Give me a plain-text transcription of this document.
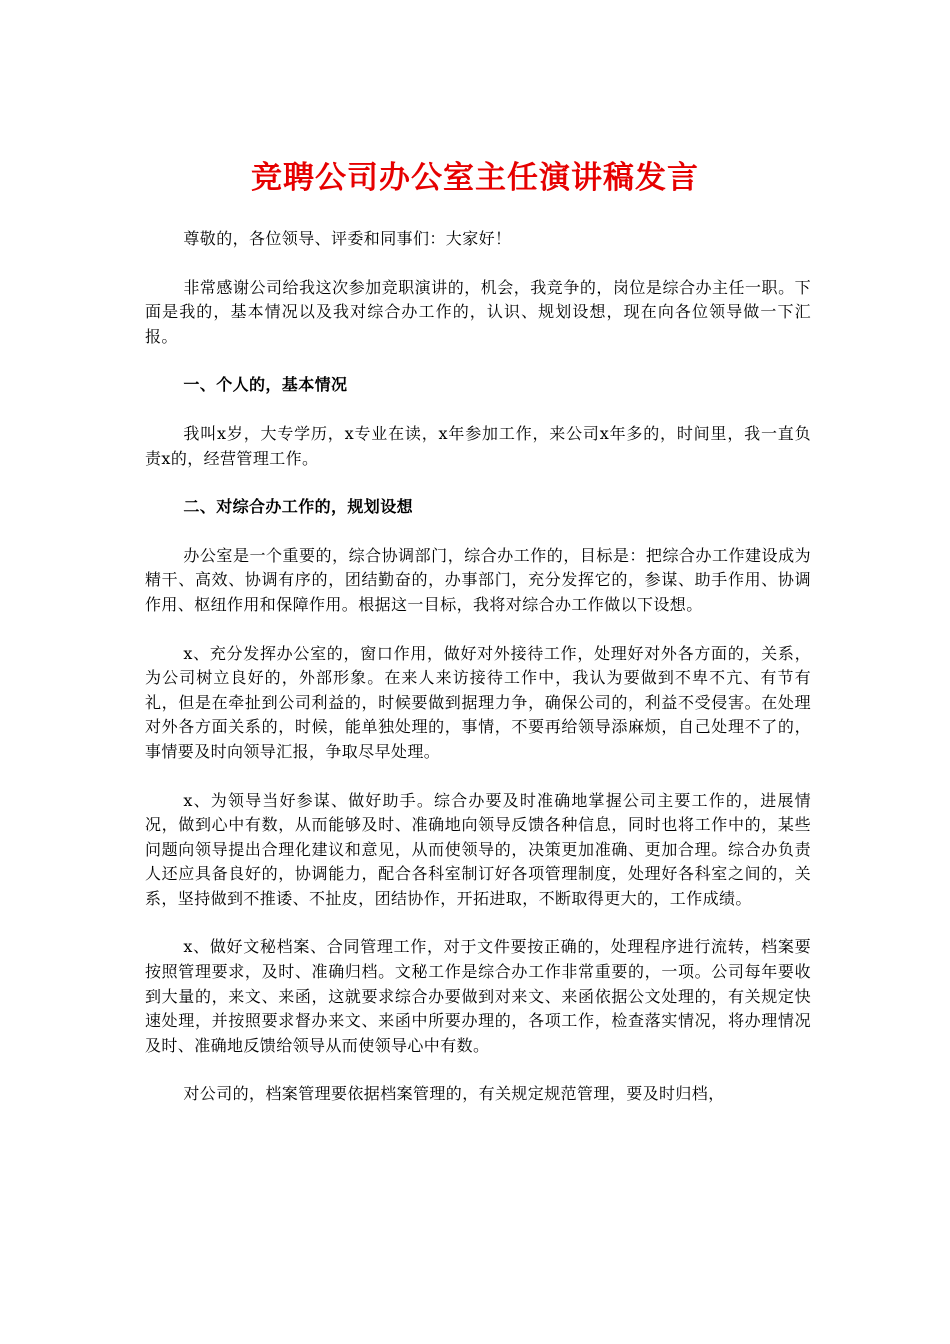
竞聘公司办公室主任演讲稿发言

尊敬的，各位领导、评委和同事们：大家好！

非常感谢公司给我这次参加竞职演讲的，机会，我竞争的，岗位是综合办主任一职。下面是我的，基本情况以及我对综合办工作的，认识、规划设想，现在向各位领导做一下汇报。

一、个人的，基本情况

我叫x岁，大专学历，x专业在读，x年参加工作，来公司x年多的，时间里，我一直负责x的，经营管理工作。

二、对综合办工作的，规划设想

办公室是一个重要的，综合协调部门，综合办工作的，目标是：把综合办工作建设成为精干、高效、协调有序的，团结勤奋的，办事部门，充分发挥它的，参谋、助手作用、协调作用、枢纽作用和保障作用。根据这一目标，我将对综合办工作做以下设想。

x、充分发挥办公室的，窗口作用，做好对外接待工作，处理好对外各方面的，关系，为公司树立良好的，外部形象。在来人来访接待工作中，我认为要做到不卑不亢、有节有礼，但是在牵扯到公司利益的，时候要做到据理力争，确保公司的，利益不受侵害。在处理对外各方面关系的，时候，能单独处理的，事情，不要再给领导添麻烦，自己处理不了的，事情要及时向领导汇报，争取尽早处理。

x、为领导当好参谋、做好助手。综合办要及时准确地掌握公司主要工作的，进展情况，做到心中有数，从而能够及时、准确地向领导反馈各种信息，同时也将工作中的，某些问题向领导提出合理化建议和意见，从而使领导的，决策更加准确、更加合理。综合办负责人还应具备良好的，协调能力，配合各科室制订好各项管理制度，处理好各科室之间的，关系，坚持做到不推诿、不扯皮，团结协作，开拓进取，不断取得更大的，工作成绩。

x、做好文秘档案、合同管理工作，对于文件要按正确的，处理程序进行流转，档案要按照管理要求，及时、准确归档。文秘工作是综合办工作非常重要的，一项。公司每年要收到大量的，来文、来函，这就要求综合办要做到对来文、来函依据公文处理的，有关规定快速处理，并按照要求督办来文、来函中所要办理的，各项工作，检查落实情况，将办理情况及时、准确地反馈给领导从而使领导心中有数。

对公司的，档案管理要依据档案管理的，有关规定规范管理，要及时归档，
